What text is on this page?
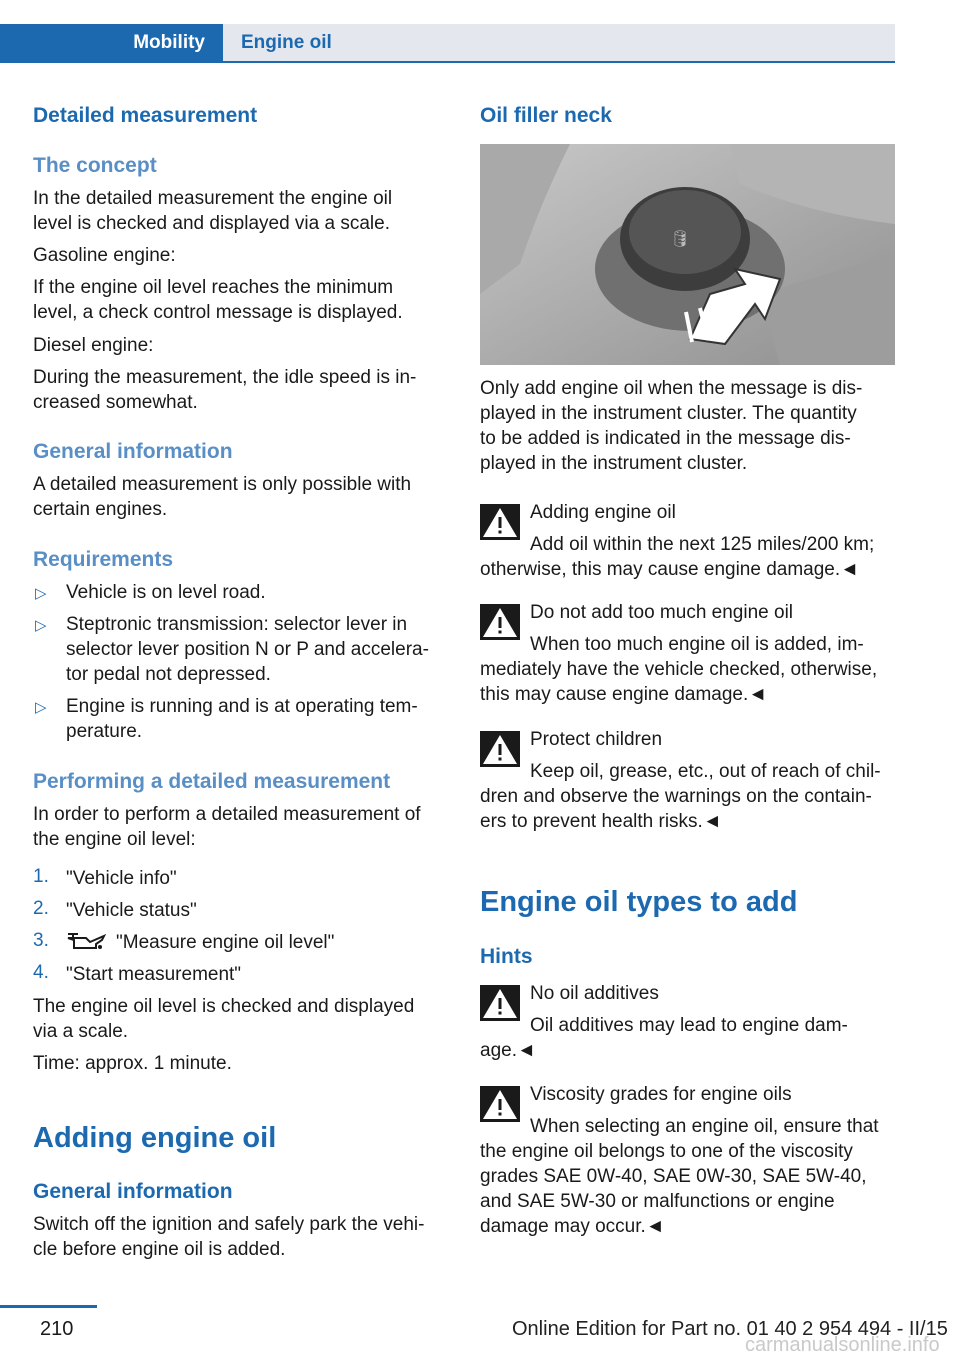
Mobility	Engine oil
Detailed measurement
The concept
In the detailed measurement the engine oil
level is checked and displayed via a scale.
Gasoline engine:
If the engine oil level reaches the minimum
level, a check control message is displayed.
Diesel engine:
During the measurement, the idle speed is in‐
creased somewhat.
General information
A detailed measurement is only possible with
certain engines.
Requirements
▷ Vehicle is on level road.
▷ Steptronic transmission: selector lever in
selector lever position N or P and accelera‐
tor pedal not depressed.
▷ Engine is running and is at operating tem‐
perature.
Performing a detailed measurement
In order to perform a detailed measurement of
the engine oil level:
1. "Vehicle info"
2. "Vehicle status"
3.	"Measure engine oil level"
4. "Start measurement"
The engine oil level is checked and displayed
via a scale.
Time: approx. 1 minute.
Adding engine oil
General information
Switch off the ignition and safely park the vehi‐
cle before engine oil is added.
Oil filler neck
🛢
Only add engine oil when the message is dis‐
played in the instrument cluster. The quantity
to be added is indicated in the message dis‐
played in the instrument cluster.
Adding engine oil
Add oil within the next 125 miles/200 km;
otherwise, this may cause engine damage.◄
Do not add too much engine oil
When too much engine oil is added, im‐
mediately have the vehicle checked, otherwise,
this may cause engine damage.◄
Protect children
Keep oil, grease, etc., out of reach of chil‐
dren and observe the warnings on the contain‐
ers to prevent health risks.◄
Engine oil types to add
Hints
No oil additives
Oil additives may lead to engine dam‐
age.◄
Viscosity grades for engine oils
When selecting an engine oil, ensure that
the engine oil belongs to one of the viscosity
grades SAE 0W-40, SAE 0W-30, SAE 5W-40,
and SAE 5W-30 or malfunctions or engine
damage may occur.◄
210	Online Edition for Part no. 01 40 2 954 494 - II/15
carmanualsonline.info
